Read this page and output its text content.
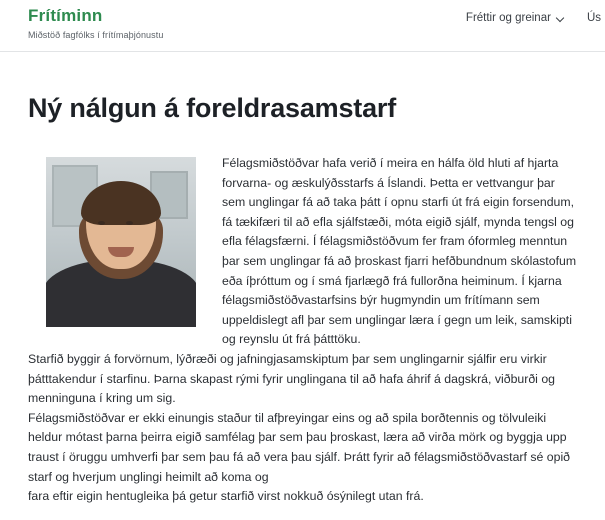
Frítíminn
Miðstöð fagfólks í frítímaþjónustu
Fréttir og greinar	Ús
Ný nálgun á foreldrasamstarf

Félagsmiðstöðvar hafa verið í meira en hálfa öld hluti af hjarta forvarna- og æskulýðsstarfs á Íslandi. Þetta er vettvangur þar sem unglingar fá að taka þátt í opnu starfi út frá eigin forsendum, fá tækifæri til að efla sjálfstæði, móta eigið sjálf, mynda tengsl og efla félagsfærni. Í félagsmiðstöðvum fer fram óformleg menntun þar sem unglingar fá að þroskast fjarri hefðbundnum skólastofum eða íþróttum og í smá fjarlægð frá fullorðna heiminum. Í kjarna félagsmiðstöðvastarfsins býr hugmyndin um frítímann sem uppeldislegt afl þar sem unglingar læra í gegn um leik, samskipti og reynslu út frá þátttöku.

Starfið byggir á forvörnum, lýðræði og jafningjasamskiptum þar sem unglingarnir sjálfir eru virkir þátttakendur í starfinu. Þarna skapast rými fyrir unglingana til að hafa áhrif á dagskrá, viðburði og menninguna í kring um sig.

Félagsmiðstöðvar er ekki einungis staður til afþreyingar eins og að spila borðtennis og tölvuleiki heldur mótast þarna þeirra eigið samfélag þar sem þau þroskast, læra að virða mörk og byggja upp traust í öruggu umhverfi þar sem þau fá að vera þau sjálf. Þrátt fyrir að félagsmiðstöðvastarf sé opið starf og hverjum unglingi heimilt að koma og

fara eftir eigin hentugleika þá getur starfið virst nokkuð ósýnilegt utan frá.
